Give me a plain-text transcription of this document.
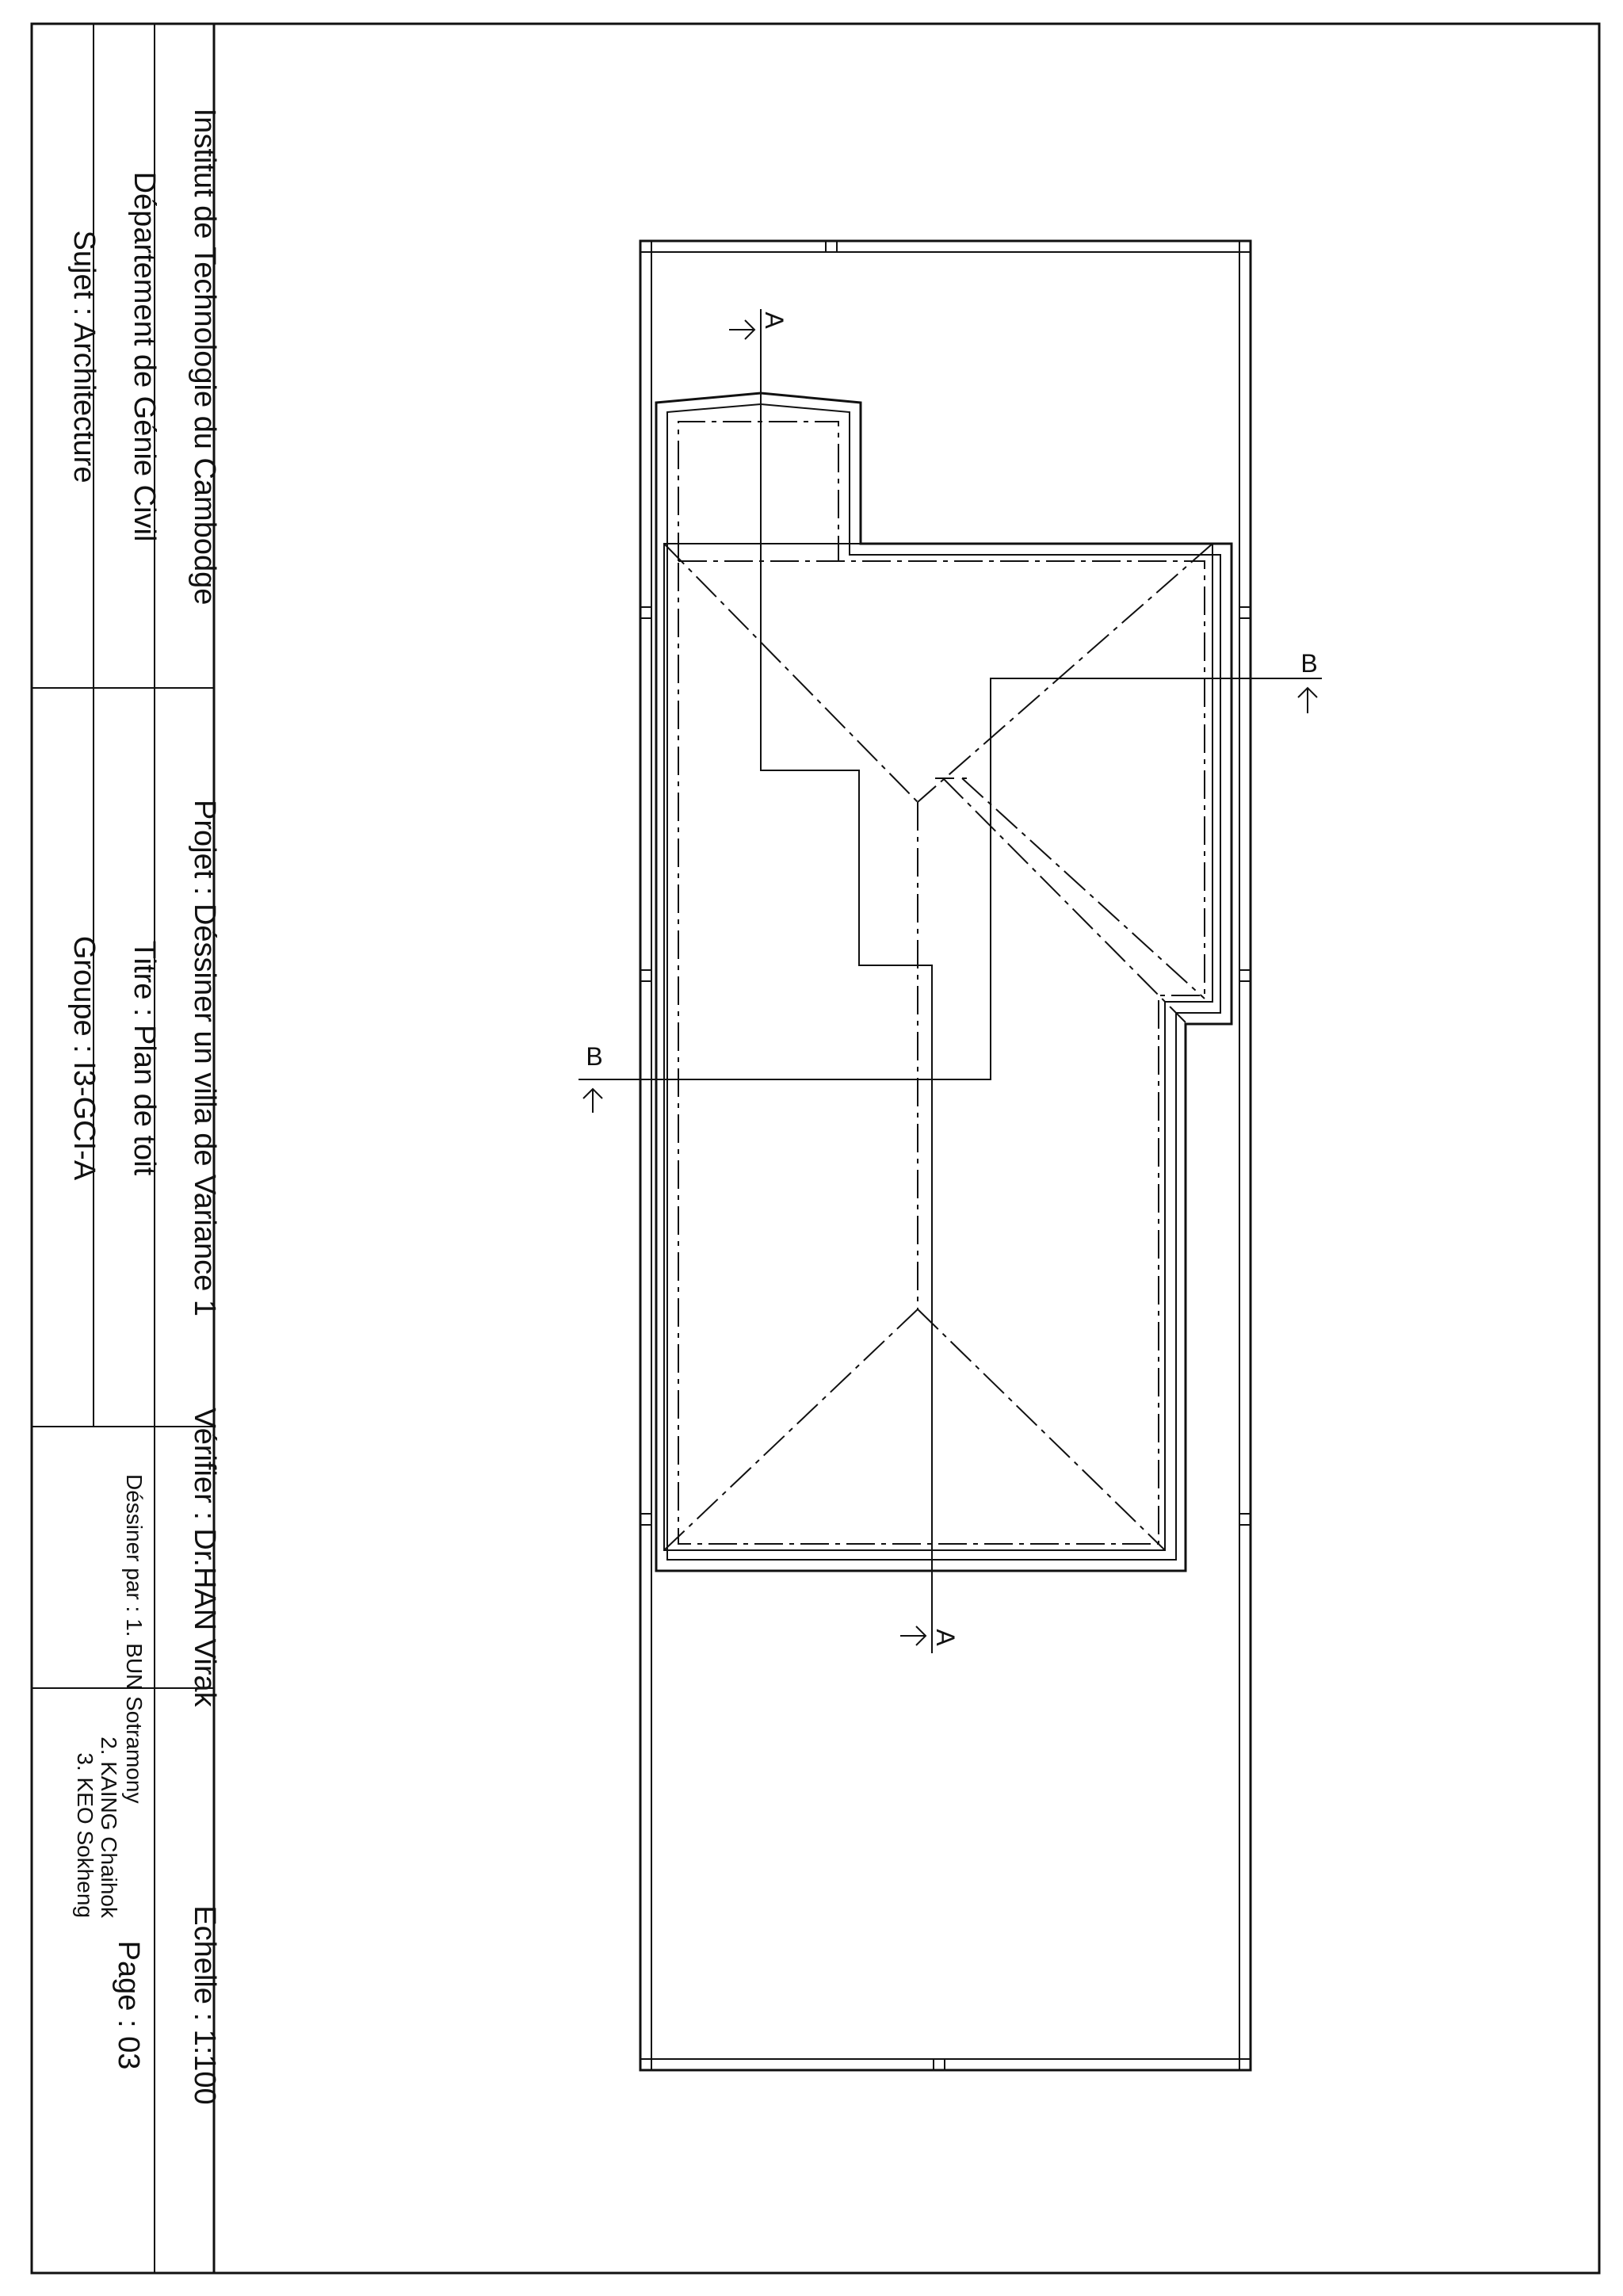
Institut de Technologie du Cambodge
Département de Génie Civil
Sujet : Architecture
Projet : Déssiner un villa de Variance 1
Titre : Plan de toit
Groupe : I3-GCI-A
Vérifier : Dr.HAN Virak
Déssiner par : 1. BUN Sotramony
2. KAING Chaihok
3. KEO Sokheng
Echelle : 1:100
Page : 03
A
A
B
B
